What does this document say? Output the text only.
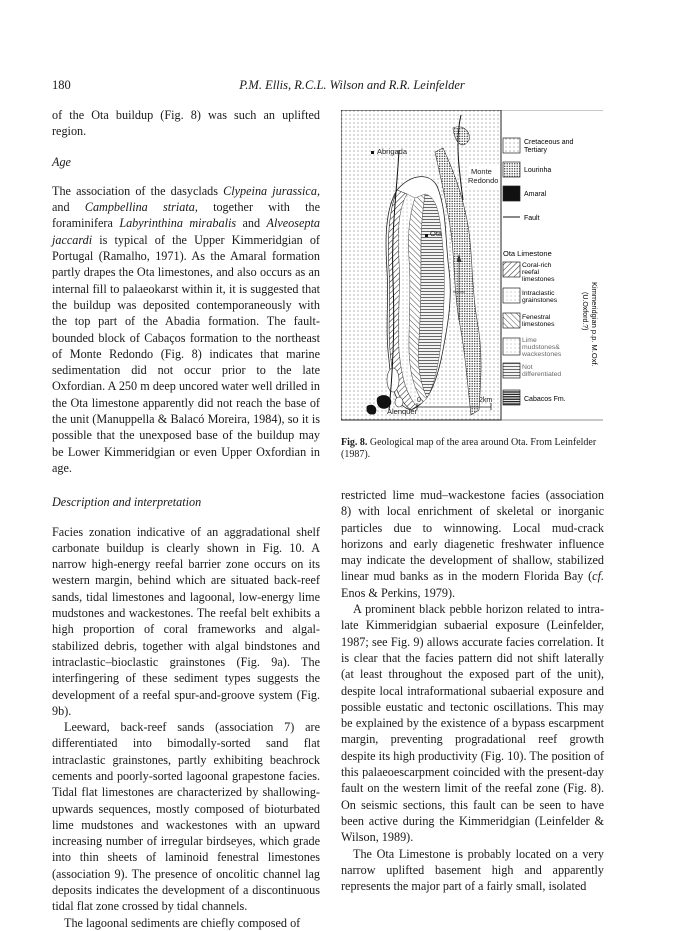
180	P.M. Ellis, R.C.L. Wilson and R.R. Leinfelder

of the Ota buildup (Fig. 8) was such an uplifted region.

Age

The association of the dasyclads Clypeina jurassica, and Campbellina striata, together with the foraminifera Labyrinthina mirabalis and Alveosepta jaccardi is typical of the Upper Kimmeridgian of Portugal (Ramalho, 1971). As the Amaral formation partly drapes the Ota limestones, and also occurs as an internal fill to palaeokarst within it, it is suggested that the buildup was deposited contemporaneously with the top part of the Abadia formation. The fault-bounded block of Cabaços formation to the northeast of Monte Redondo (Fig. 8) indicates that marine sedimentation did not occur prior to the late Oxfordian. A 250 m deep uncored water well drilled in the Ota limestone apparently did not reach the base of the unit (Manuppella & Balacó Moreira, 1984), so it is possible that the unexposed base of the buildup may be Lower Kimmeridgian or even Upper Oxfordian in age.

Description and interpretation

Facies zonation indicative of an aggradational shelf carbonate buildup is clearly shown in Fig. 10. A narrow high-energy reefal barrier zone occurs on its western margin, behind which are situated back-reef sands, tidal limestones and lagoonal, low-energy lime mudstones and wackestones. The reefal belt exhibits a high proportion of coral frameworks and algal-stabilized debris, together with algal bindstones and intraclastic–bioclastic grainstones (Fig. 9a). The interfingering of these sediment types suggests the development of a reefal spur-and-groove system (Fig. 9b).

Leeward, back-reef sands (association 7) are differentiated into bimodally-sorted sand flat intraclastic grainstones, partly exhibiting beachrock cements and poorly-sorted lagoonal grapestone facies. Tidal flat limestones are characterized by shallowing-upwards sequences, mostly composed of bioturbated lime mudstones and wackestones with an upward increasing number of irregular birdseyes, which grade into thin sheets of laminoid fenestral limestones (association 9). The presence of oncolitic channel lag deposits indicates the development of a discontinuous tidal flat zone crossed by tidal channels.

The lagoonal sediments are chiefly composed of

Abrigada
Ota
Monte
Redondo
Alenquer
0	2km
Cretaceous and
Tertiary
Lourinha
Amaral
Fault
Ota Limestone
Coral-rich
reefal
limestones
Intraclastic
grainstones
Fenestral
limestones
Lime
mudstones&
wackestones
Not
differentiated
Cabacos Fm.
Kimmeridgian p.p. M.Oxf.
(U.Oxford.?)
Fig. 8. Geological map of the area around Ota. From Leinfelder (1987).

restricted lime mud–wackestone facies (association 8) with local enrichment of skeletal or inorganic particles due to winnowing. Local mud-crack horizons and early diagenetic freshwater influence may indicate the development of shallow, stabilized linear mud banks as in the modern Florida Bay (cf. Enos & Perkins, 1979).

A prominent black pebble horizon related to intra-late Kimmeridgian subaerial exposure (Leinfelder, 1987; see Fig. 9) allows accurate facies correlation. It is clear that the facies pattern did not shift laterally (at least throughout the exposed part of the unit), despite local intraformational subaerial exposure and possible eustatic and tectonic oscillations. This may be explained by the existence of a bypass escarpment margin, preventing progradational reef growth despite its high productivity (Fig. 10). The position of this palaeoescarpment coincided with the present-day fault on the western limit of the reefal zone (Fig. 8). On seismic sections, this fault can be seen to have been active during the Kimmeridgian (Leinfelder & Wilson, 1989).

The Ota Limestone is probably located on a very narrow uplifted basement high and apparently represents the major part of a fairly small, isolated
